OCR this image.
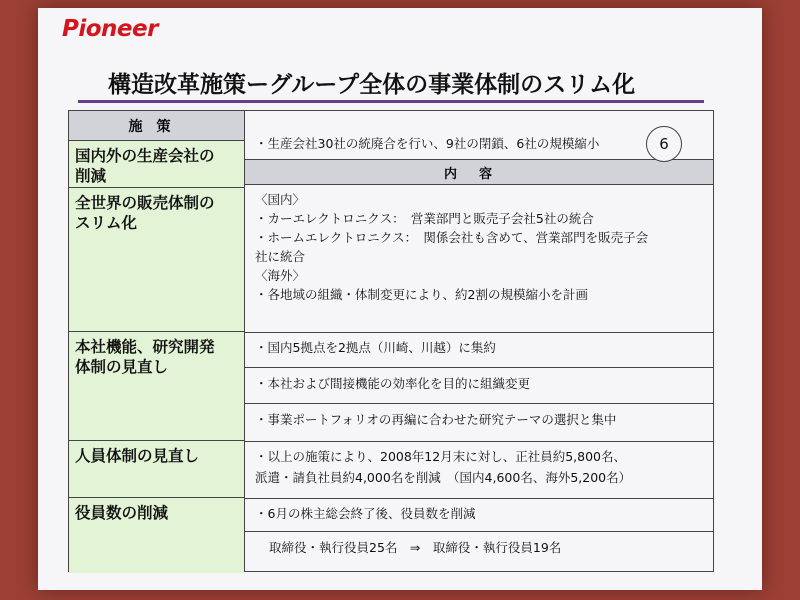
Pioneer
構造改革施策ーグループ全体の事業体制のスリム化
施策
国内外の生産会社の
削減
全世界の販売体制の
スリム化
本社機能、研究開発
体制の見直し
人員体制の見直し
役員数の削減
・生産会社30社の統廃合を行い、9社の閉鎖、6社の規模縮小
内容
〈国内〉
・カーエレクトロニクス：　営業部門と販売子会社5社の統合
・ホームエレクトロニクス：　関係会社も含めて、営業部門を販売子会
社に統合
〈海外〉
・各地域の組織・体制変更により、約2割の規模縮小を計画
・国内5拠点を2拠点（川崎、川越）に集約
・本社および間接機能の効率化を目的に組織変更
・事業ポートフォリオの再編に合わせた研究テーマの選択と集中
・以上の施策により、2008年12月末に対し、正社員約5,800名、
派遣・請負社員約4,000名を削減　（国内4,600名、海外5,200名）
・6月の株主総会終了後、役員数を削減
取締役・執行役員25名　⇒　取締役・執行役員19名
6
